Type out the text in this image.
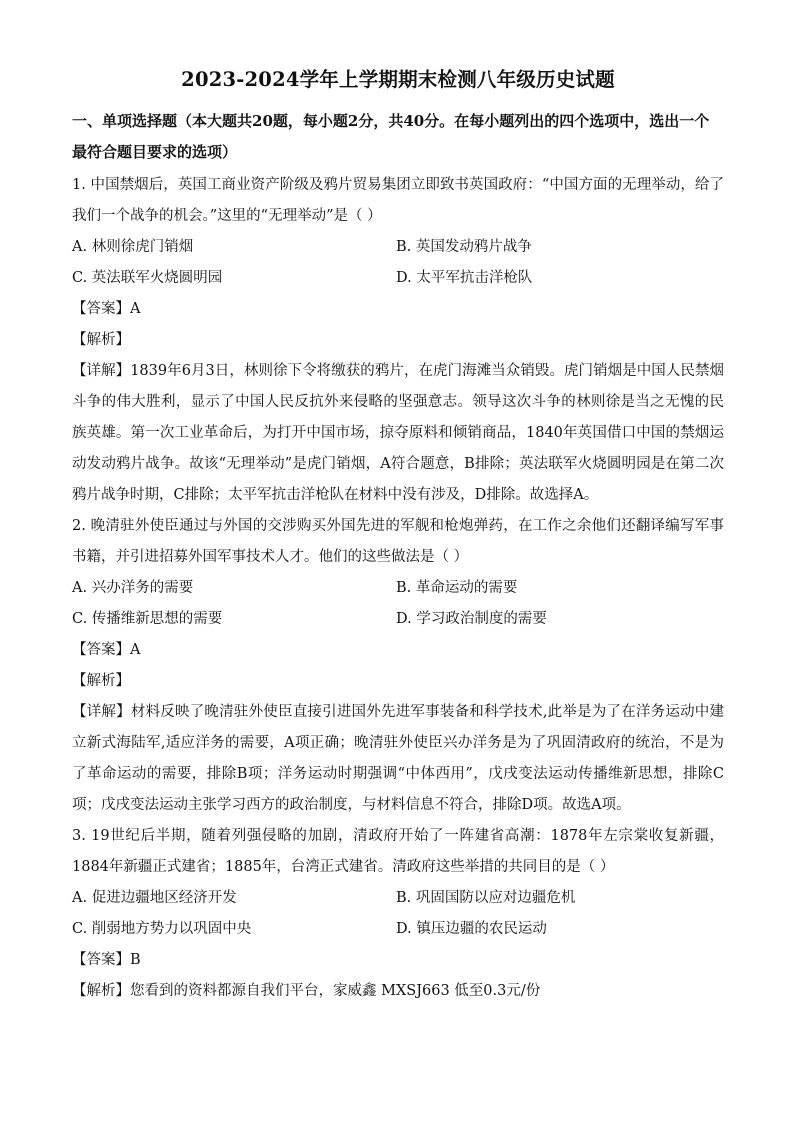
2023-2024学年上学期期末检测八年级历史试题
一、单项选择题（本大题共20题，每小题2分，共40分。在每小题列出的四个选项中，选出一个最符合题目要求的选项）

1. 中国禁烟后，英国工商业资产阶级及鸦片贸易集团立即致书英国政府：“中国方面的无理举动，给了我们一个战争的机会。”这里的“无理举动”是（ ）

A. 林则徐虎门销烟	B. 英国发动鸦片战争
C. 英法联军火烧圆明园	D. 太平军抗击洋枪队

【答案】A

【解析】

【详解】1839年6月3日，林则徐下令将缴获的鸦片，在虎门海滩当众销毁。虎门销烟是中国人民禁烟斗争的伟大胜利，显示了中国人民反抗外来侵略的坚强意志。领导这次斗争的林则徐是当之无愧的民族英雄。第一次工业革命后，为打开中国市场，掠夺原料和倾销商品，1840年英国借口中国的禁烟运动发动鸦片战争。故该“无理举动”是虎门销烟，A符合题意，B排除；英法联军火烧圆明园是在第二次鸦片战争时期，C排除；太平军抗击洋枪队在材料中没有涉及，D排除。故选择A。

2. 晚清驻外使臣通过与外国的交涉购买外国先进的军舰和枪炮弹药，在工作之余他们还翻译编写军事书籍，并引进招募外国军事技术人才。他们的这些做法是（ ）

A. 兴办洋务的需要	B. 革命运动的需要
C. 传播维新思想的需要	D. 学习政治制度的需要

【答案】A

【解析】

【详解】材料反映了晚清驻外使臣直接引进国外先进军事装备和科学技术,此举是为了在洋务运动中建立新式海陆军,适应洋务的需要，A项正确；晚清驻外使臣兴办洋务是为了巩固清政府的统治，不是为了革命运动的需要，排除B项；洋务运动时期强调“中体西用”，戊戌变法运动传播维新思想，排除C项；戊戌变法运动主张学习西方的政治制度，与材料信息不符合，排除D项。故选A项。

3. 19世纪后半期，随着列强侵略的加剧，清政府开始了一阵建省高潮：1878年左宗棠收复新疆，1884年新疆正式建省；1885年，台湾正式建省。清政府这些举措的共同目的是（ ）

A. 促进边疆地区经济开发	B. 巩固国防以应对边疆危机
C. 削弱地方势力以巩固中央	D. 镇压边疆的农民运动

【答案】B

【解析】您看到的资料都源自我们平台，家威鑫 MXSJ663 低至0.3元/份
